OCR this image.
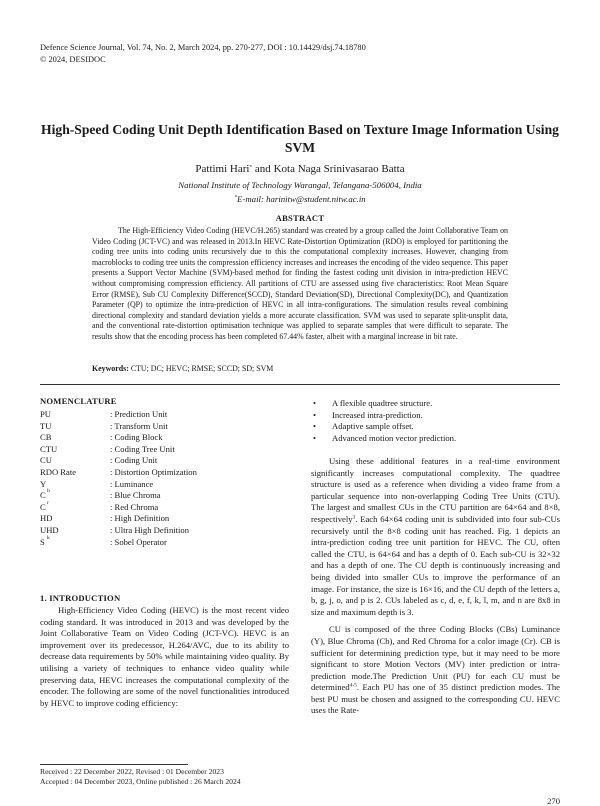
Defence Science Journal, Vol. 74, No. 2, March 2024, pp. 270-277, DOI : 10.14429/dsj.74.18780
© 2024, DESIDOC
High-Speed Coding Unit Depth Identification Based on Texture Image Information Using SVM
Pattimi Hari* and Kota Naga Srinivasarao Batta
National Institute of Technology Warangal, Telangana-506004, India
*E-mail: harinitw@student.nitw.ac.in
ABSTRACT

The High-Efficiency Video Coding (HEVC/H.265) standard was created by a group called the Joint Collaborative Team on Video Coding (JCT-VC) and was released in 2013.In HEVC Rate-Distortion Optimization (RDO) is employed for partitioning the coding tree units into coding units recursively due to this the computational complexity increases. However, changing from macroblocks to coding tree units the compression efficiency increases and increases the encoding of the video sequence. This paper presents a Support Vector Machine (SVM)-based method for finding the fastest coding unit division in intra-prediction HEVC without compromising compression efficiency. All partitions of CTU are assessed using five characteristics: Root Mean Square Error (RMSE), Sub CU Complexity Difference(SCCD), Standard Deviation(SD), Directional Complexity(DC), and Quantization Parameter (QP) to optimize the intra-prediction of HEVC in all intra-configurations. The simulation results reveal combining directional complexity and standard deviation yields a more accurate classification. SVM was used to separate split-unsplit data, and the conventional rate-distortion optimisation technique was applied to separate samples that were difficult to separate. The results show that the encoding process has been completed 67.44% faster, albeit with a marginal increase in bit rate.

Keywords: CTU; DC; HEVC; RMSE; SCCD; SD; SVM
NOMENCLATURE
PU	: Prediction Unit
TU	: Transform Unit
CB	: Coding Block
CTU	: Coding Tree Unit
CU	: Coding Unit
RDO Rate	: Distortion Optimization
Y	: Luminance
C b	: Blue Chroma
C r	: Red Chroma
HD	: High Definition
UHD	: Ultra High Definition
S k	: Sobel Operator
1. INTRODUCTION

High-Efficiency Video Coding (HEVC) is the most recent video coding standard. It was introduced in 2013 and was developed by the Joint Collaborative Team on Video Coding (JCT-VC). HEVC is an improvement over its predecessor, H.264/AVC, due to its ability to decrease data requirements by 50% while maintaining video quality. By utilising a variety of techniques to enhance video quality while preserving data, HEVC increases the computational complexity of the encoder. The following are some of the novel functionalities introduced by HEVC to improve coding efficiency:

• A flexible quadtree structure.
• Increased intra-prediction.
• Adaptive sample offset.
• Advanced motion vector prediction.

Using these additional features in a real-time environment significantly increases computational complexity. The quadtree structure is used as a reference when dividing a video frame from a particular sequence into non-overlapping Coding Tree Units (CTU). The largest and smallest CUs in the CTU partition are 64×64 and 8×8, respectively$^3$. Each 64×64 coding unit is subdivided into four sub-CUs recursively until the 8×8 coding unit has reached. Fig. 1 depicts an intra-prediction coding tree unit partition for HEVC. The CU, often called the CTU, is 64×64 and has a depth of 0. Each sub-CU is 32×32 and has a depth of one. The CU depth is continuously increasing and being divided into smaller CUs to improve the performance of an image. For instance, the size is 16×16, and the CU depth of the letters a, b, g, j, o, and p is 2. CUs labeled as c, d, e, f, k, l, m, and n are 8x8 in size and maximum depth is 3.

CU is composed of the three Coding Blocks (CBs) Luminance (Y), Blue Chroma (Cb), and Red Chroma for a color image (Cr). CB is sufficient for determining prediction type, but it may need to be more significant to store Motion Vectors (MV) inter prediction or intra-prediction mode.The Prediction Unit (PU) for each CU must be determined$^{4-5}$. Each PU has one of 35 distinct prediction modes. The best PU must be chosen and assigned to the corresponding CU. HEVC uses the Rate-

Received : 22 December 2022, Revised : 01 December 2023
Accepted : 04 December 2023, Online published : 26 March 2024
270
